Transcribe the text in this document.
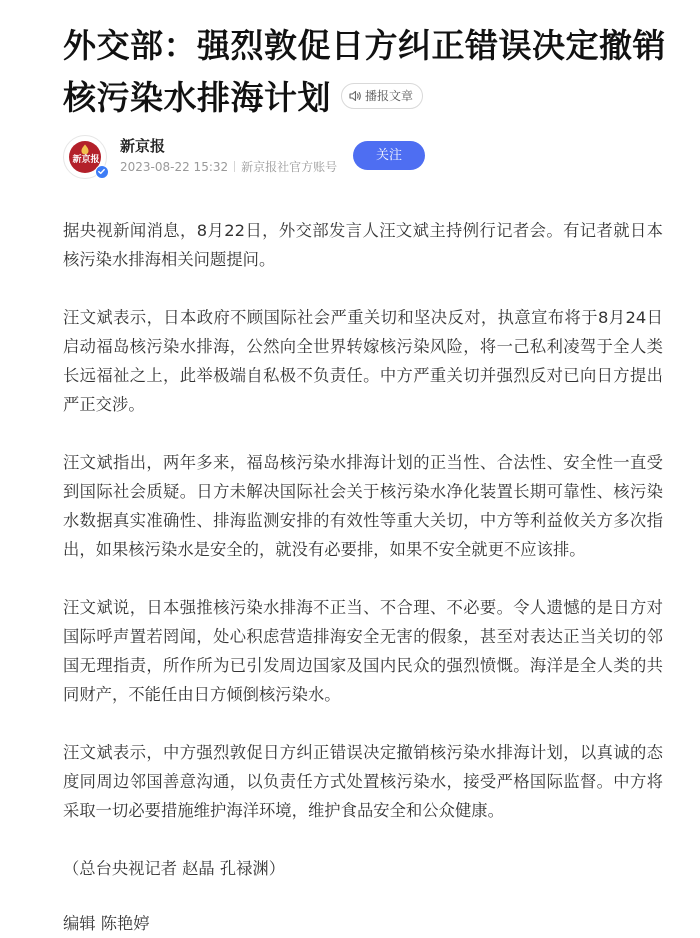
外交部：强烈敦促日方纠正错误决定撤销核污染水排海计划	播报文章
新京报
新京报
2023-08-22 15:32 新京报社官方账号
关注

据央视新闻消息，8月22日，外交部发言人汪文斌主持例行记者会。有记者就日本核污染水排海相关问题提问。

汪文斌表示，日本政府不顾国际社会严重关切和坚决反对，执意宣布将于8月24日启动福岛核污染水排海，公然向全世界转嫁核污染风险，将一己私利凌驾于全人类长远福祉之上，此举极端自私极不负责任。中方严重关切并强烈反对已向日方提出严正交涉。

汪文斌指出，两年多来，福岛核污染水排海计划的正当性、合法性、安全性一直受到国际社会质疑。日方未解决国际社会关于核污染水净化装置长期可靠性、核污染水数据真实准确性、排海监测安排的有效性等重大关切，中方等利益攸关方多次指出，如果核污染水是安全的，就没有必要排，如果不安全就更不应该排。

汪文斌说，日本强推核污染水排海不正当、不合理、不必要。令人遗憾的是日方对国际呼声置若罔闻，处心积虑营造排海安全无害的假象，甚至对表达正当关切的邻国无理指责，所作所为已引发周边国家及国内民众的强烈愤慨。海洋是全人类的共同财产，不能任由日方倾倒核污染水。

汪文斌表示，中方强烈敦促日方纠正错误决定撤销核污染水排海计划，以真诚的态度同周边邻国善意沟通，以负责任方式处置核污染水，接受严格国际监督。中方将采取一切必要措施维护海洋环境，维护食品安全和公众健康。

（总台央视记者 赵晶 孔禄渊）

编辑 陈艳婷
